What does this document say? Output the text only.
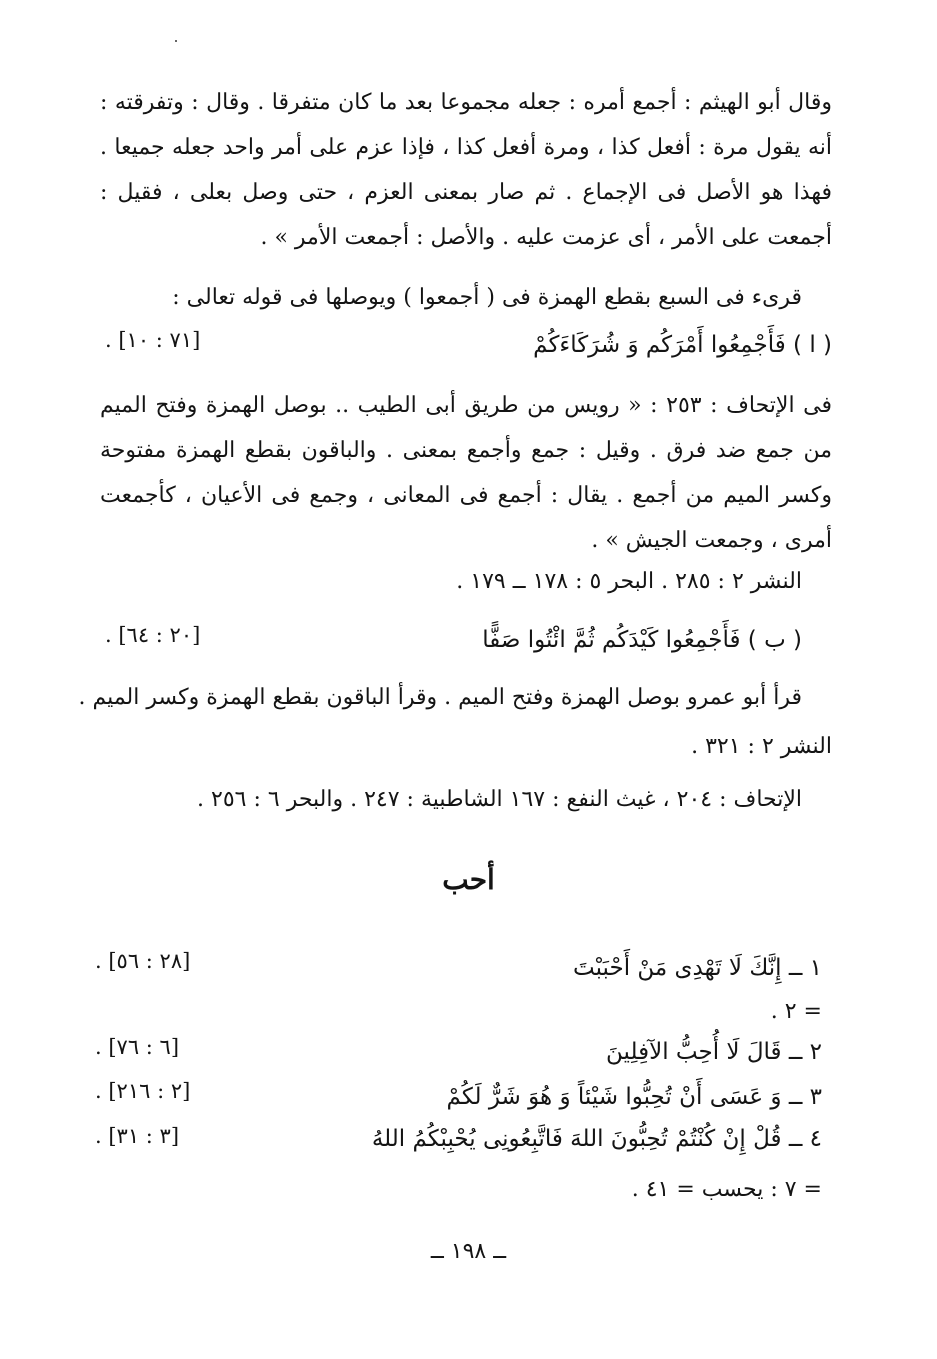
وقال أبو الهيثم : أجمع أمره : جعله مجموعا بعد ما كان متفرقا . وقال : وتفرقته : أنه يقول مرة : أفعل كذا ، ومرة أفعل كذا ، فإذا عزم على أمر واحد جعله جميعا . فهذا هو الأصل فى الإجماع . ثم صار بمعنى العزم ، حتى وصل بعلى ، فقيل : أجمعت على الأمر ، أى عزمت عليه . والأصل : أجمعت الأمر » .
قرىء فى السبع بقطع الهمزة فى ( أجمعوا ) ويوصلها فى قوله تعالى :
( ا ) فَأَجْمِعُوا أَمْرَكُم وَ شُرَكَاءَكُمْ
. [٧١ : ١٠]
فى الإتحاف : ٢٥٣ : « رويس من طريق أبى الطيب .. بوصل الهمزة وفتح الميم من جمع ضد فرق . وقيل : جمع وأجمع بمعنى . والباقون بقطع الهمزة مفتوحة وكسر الميم من أجمع . يقال : أجمع فى المعانى ، وجمع فى الأعيان ، كأجمعت أمرى ، وجمعت الجيش » .
النشر ٢ : ٢٨٥ . البحر ٥ : ١٧٨ ــ ١٧٩ .
( ب ) فَأَجْمِعُوا كَيْدَكُم ثُمَّ ائْتُوا صَفًّا
. [٢٠ : ٦٤]
قرأ أبو عمرو بوصل الهمزة وفتح الميم . وقرأ الباقون بقطع الهمزة وكسر الميم .
النشر ٢ : ٣٢١ .
الإتحاف : ٢٠٤ ، غيث النفع : ١٦٧ الشاطبية : ٢٤٧ . والبحر ٦ : ٢٥٦ .
أحب
١ ــ إِنَّكَ لَا تَهْدِى مَنْ أَحْبَبْتَ
. [٢٨ : ٥٦]
= ٢ .
٢ ــ قَالَ لَا أُحِبُّ الآفِلِينَ
. [٦ : ٧٦]
٣ ــ وَ عَسَى أَنْ تُحِبُّوا شَيْئاً وَ هُوَ شَرٌّ لَكُمْ
. [٢ : ٢١٦]
٤ ــ قُلْ إِنْ كُنْتُمْ تُحِبُّونَ اللهَ فَاتَّبِعُونِى يُحْبِبْكُمُ اللهُ
. [٣ : ٣١]
= ٧ : يحسب = ٤١ .
ــ ١٩٨ ــ
